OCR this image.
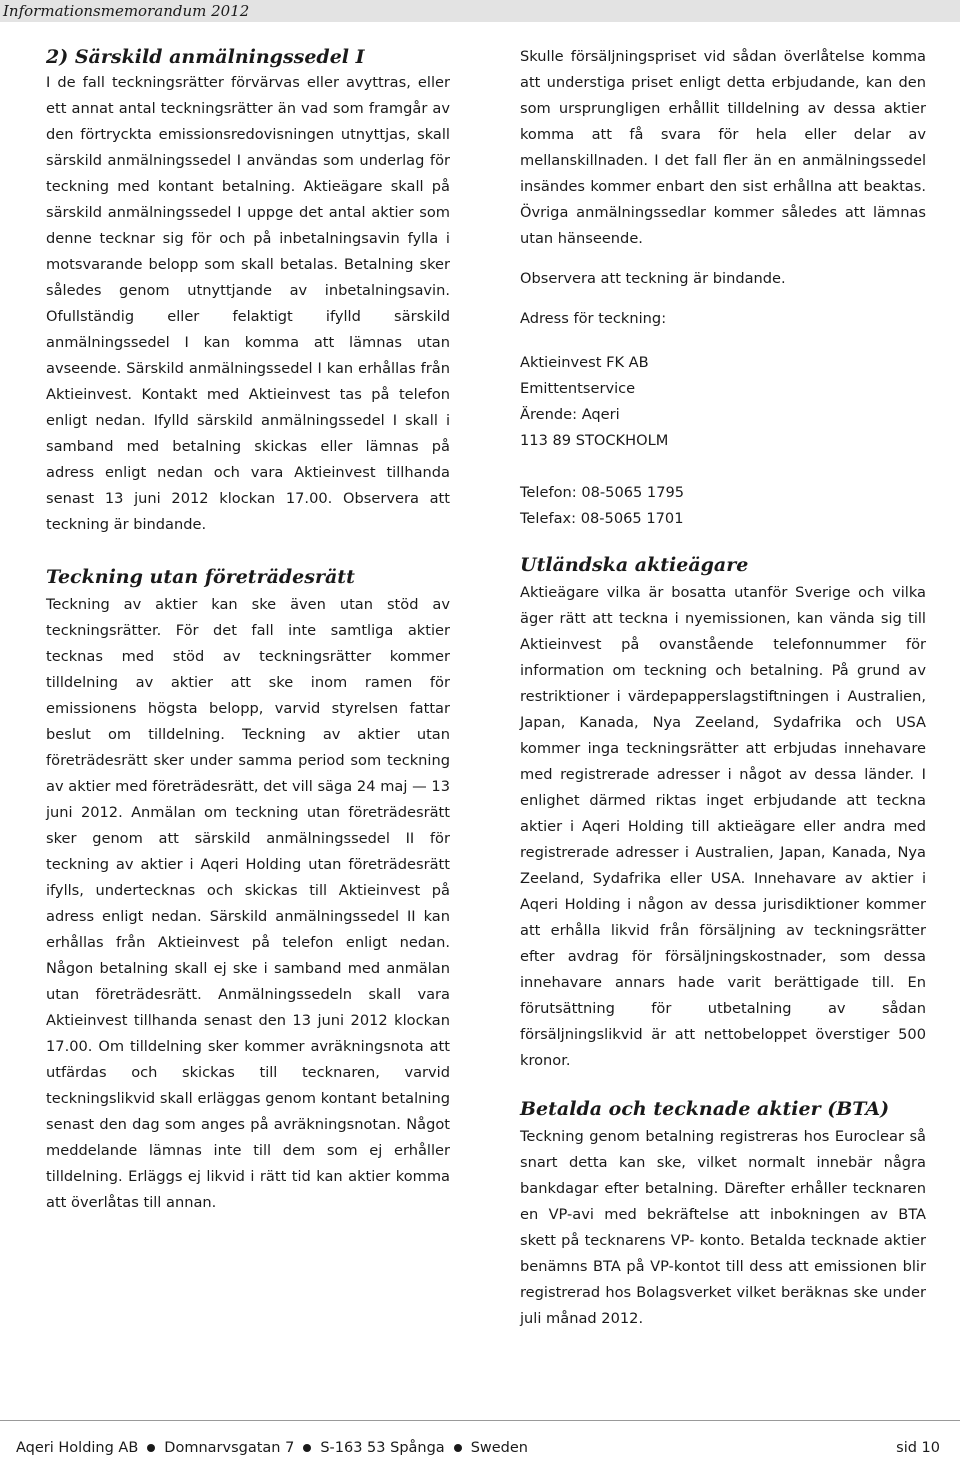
Informationsmemorandum 2012
2) Särskild anmälningssedel I

I de fall teckningsrätter förvärvas eller avyttras, eller ett annat antal teckningsrätter än vad som framgår av den förtryckta emissionsredovisningen utnyttjas, skall särskild anmälningssedel I användas som underlag för teckning med kontant betalning. Aktieägare skall på särskild anmälningssedel I uppge det antal aktier som denne tecknar sig för och på inbetalningsavin fylla i motsvarande belopp som skall betalas. Betalning sker således genom utnyttjande av inbetalningsavin. Ofullständig eller felaktigt ifylld särskild anmälningssedel I kan komma att lämnas utan avseende. Särskild anmälningssedel I kan erhållas från Aktieinvest. Kontakt med Aktieinvest tas på telefon enligt nedan. Ifylld särskild anmälningssedel I skall i samband med betalning skickas eller lämnas på adress enligt nedan och vara Aktieinvest tillhanda senast 13 juni 2012 klockan 17.00. Observera att teckning är bindande.

Teckning utan företrädesrätt

Teckning av aktier kan ske även utan stöd av teckningsrätter. För det fall inte samtliga aktier tecknas med stöd av teckningsrätter kommer tilldelning av aktier att ske inom ramen för emissionens högsta belopp, varvid styrelsen fattar beslut om tilldelning. Teckning av aktier utan företrädesrätt sker under samma period som teckning av aktier med företrädesrätt, det vill säga 24 maj — 13 juni 2012. Anmälan om teckning utan företrädesrätt sker genom att särskild anmälningssedel II för teckning av aktier i Aqeri Holding utan företrädesrätt ifylls, undertecknas och skickas till Aktieinvest på adress enligt nedan. Särskild anmälningssedel II kan erhållas från Aktieinvest på telefon enligt nedan. Någon betalning skall ej ske i samband med anmälan utan företrädesrätt. Anmälningssedeln skall vara Aktieinvest tillhanda senast den 13 juni 2012 klockan 17.00. Om tilldelning sker kommer avräkningsnota att utfärdas och skickas till tecknaren, varvid teckningslikvid skall erläggas genom kontant betalning senast den dag som anges på avräkningsnotan. Något meddelande lämnas inte till dem som ej erhåller tilldelning. Erläggs ej likvid i rätt tid kan aktier komma att överlåtas till annan.

Skulle försäljningspriset vid sådan överlåtelse komma att understiga priset enligt detta erbjudande, kan den som ursprungligen erhållit tilldelning av dessa aktier komma att få svara för hela eller delar av mellanskillnaden. I det fall fler än en anmälningssedel insändes kommer enbart den sist erhållna att beaktas. Övriga anmälningssedlar kommer således att lämnas utan hänseende.

Observera att teckning är bindande.

Adress för teckning:

Aktieinvest FK AB
Emittentservice
Ärende: Aqeri
113 89 STOCKHOLM
Telefon: 08-5065 1795
Telefax: 08-5065 1701
Utländska aktieägare

Aktieägare vilka är bosatta utanför Sverige och vilka äger rätt att teckna i nyemissionen, kan vända sig till Aktieinvest på ovanstående telefonnummer för information om teckning och betalning. På grund av restriktioner i värdepapperslagstiftningen i Australien, Japan, Kanada, Nya Zeeland, Sydafrika och USA kommer inga teckningsrätter att erbjudas innehavare med registrerade adresser i något av dessa länder. I enlighet därmed riktas inget erbjudande att teckna aktier i Aqeri Holding till aktieägare eller andra med registrerade adresser i Australien, Japan, Kanada, Nya Zeeland, Sydafrika eller USA. Innehavare av aktier i Aqeri Holding i någon av dessa jurisdiktioner kommer att erhålla likvid från försäljning av teckningsrätter efter avdrag för försäljningskostnader, som dessa innehavare annars hade varit berättigade till. En förutsättning för utbetalning av sådan försäljningslikvid är att nettobeloppet överstiger 500 kronor.

Betalda och tecknade aktier (BTA)

Teckning genom betalning registreras hos Euroclear så snart detta kan ske, vilket normalt innebär några bankdagar efter betalning. Därefter erhåller tecknaren en VP-avi med bekräftelse att inbokningen av BTA skett på tecknarens VP- konto. Betalda tecknade aktier benämns BTA på VP-kontot till dess att emissionen blir registrerad hos Bolagsverket vilket beräknas ske under juli månad 2012.

Aqeri Holding AB Domnarvsgatan 7 S-163 53 Spånga Sweden	sid 10
